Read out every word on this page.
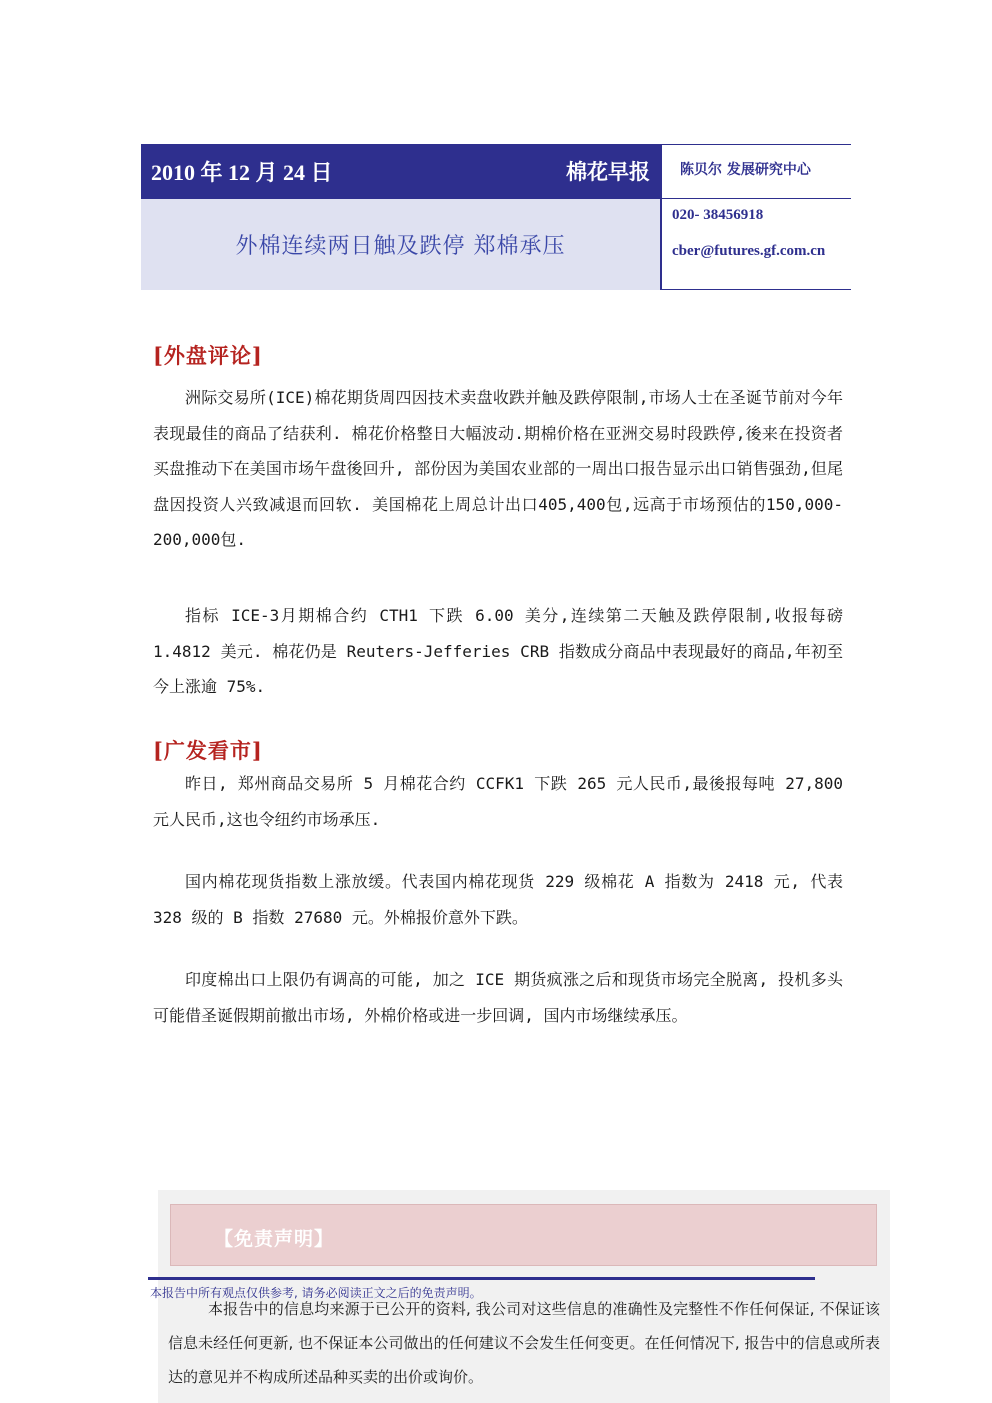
2010 年 12 月 24 日	棉花早报
外棉连续两日触及跌停 郑棉承压
陈贝尔 发展研究中心
020- 38456918
cber@futures.gf.com.cn
[外盘评论]
洲际交易所(ICE)棉花期货周四因技术卖盘收跌并触及跌停限制,市场人士在圣诞节前对今年表现最佳的商品了结获利. 棉花价格整日大幅波动.期棉价格在亚洲交易时段跌停,後来在投资者买盘推动下在美国市场午盘後回升, 部份因为美国农业部的一周出口报告显示出口销售强劲,但尾盘因投资人兴致减退而回软. 美国棉花上周总计出口405,400包,远高于市场预估的150,000-200,000包.
指标 ICE-3月期棉合约 CTH1 下跌 6.00 美分,连续第二天触及跌停限制,收报每磅 1.4812 美元. 棉花仍是 Reuters-Jefferies CRB 指数成分商品中表现最好的商品,年初至今上涨逾 75%.
[广发看市]
昨日, 郑州商品交易所 5 月棉花合约 CCFK1 下跌 265 元人民币,最後报每吨 27,800 元人民币,这也令纽约市场承压.
国内棉花现货指数上涨放缓。代表国内棉花现货 229 级棉花 A 指数为 2418 元, 代表 328 级的 B 指数 27680 元。外棉报价意外下跌。
印度棉出口上限仍有调高的可能, 加之 ICE 期货疯涨之后和现货市场完全脱离, 投机多头可能借圣诞假期前撤出市场, 外棉价格或进一步回调, 国内市场继续承压。
【免责声明】
本报告中所有观点仅供参考, 请务必阅读正文之后的免责声明。
本报告中的信息均来源于已公开的资料, 我公司对这些信息的准确性及完整性不作任何保证, 不保证该信息未经任何更新, 也不保证本公司做出的任何建议不会发生任何变更。在任何情况下, 报告中的信息或所表达的意见并不构成所述品种买卖的出价或询价。
